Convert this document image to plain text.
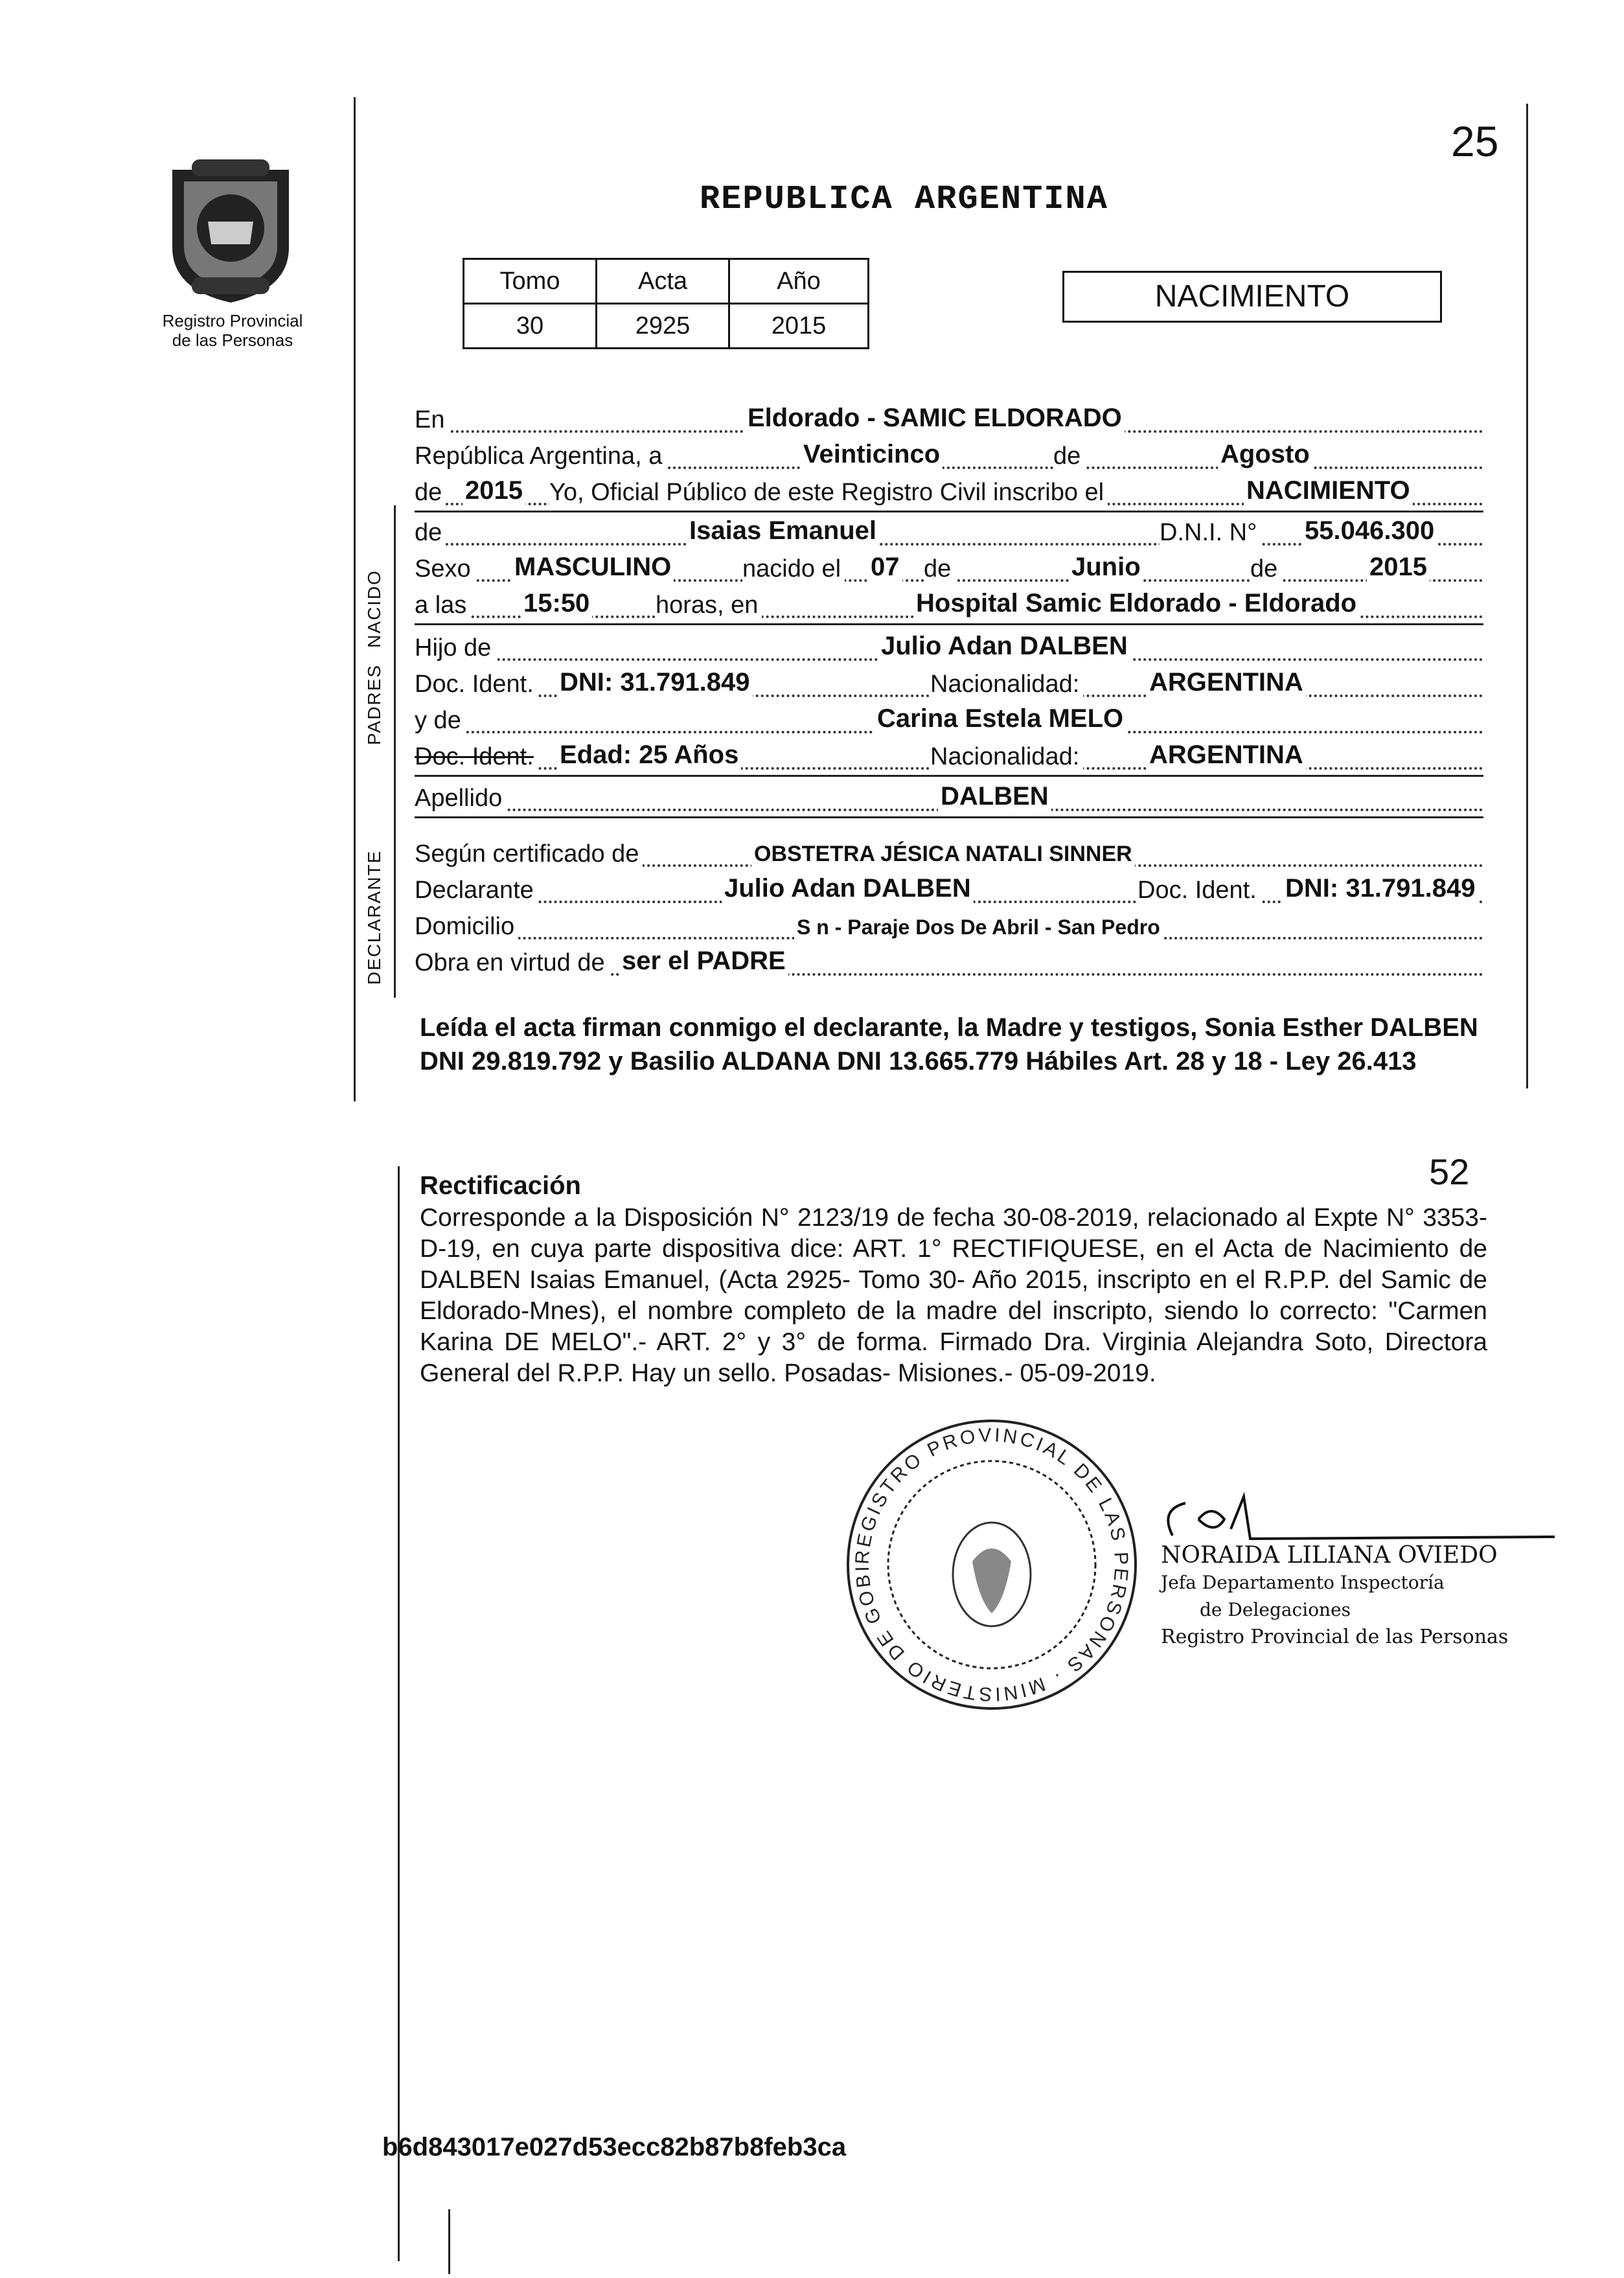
25
REPUBLICA ARGENTINA
Registro Provincial
de las Personas
Tomo	Acta	Año
30	2925	2015
NACIMIENTO
NACIDO
PADRES
DECLARANTE
En	Eldorado - SAMIC ELDORADO
República Argentina, a	Veinticinco	de	Agosto
de 2015 Yo, Oficial Público de este Registro Civil inscribo el	NACIMIENTO
de	Isaias Emanuel	D.N.I. N° 55.046.300
Sexo MASCULINO	nacido el 07 de	Junio	de	2015
a las 15:50	horas, en	Hospital Samic Eldorado - Eldorado
Hijo de	Julio Adan DALBEN
Doc. Ident. DNI: 31.791.849	Nacionalidad:	ARGENTINA
y de	Carina Estela MELO
Doc. Ident. Edad: 25 Años	Nacionalidad:	ARGENTINA
Apellido	DALBEN
Según certificado de	OBSTETRA JÉSICA NATALI SINNER
Declarante	Julio Adan DALBEN	Doc. Ident. DNI: 31.791.849
Domicilio	S n - Paraje Dos De Abril - San Pedro
Obra en virtud de ser el PADRE
Leída el acta firman conmigo el declarante, la Madre y testigos, Sonia Esther DALBEN DNI 29.819.792 y Basilio ALDANA DNI 13.665.779 Hábiles Art. 28 y 18 - Ley 26.413
Rectificación	52
Corresponde a la Disposición N° 2123/19 de fecha 30-08-2019, relacionado al Expte N° 3353-D-19, en cuya parte dispositiva dice: ART. 1° RECTIFIQUESE, en el Acta de Nacimiento de DALBEN Isaias Emanuel, (Acta 2925- Tomo 30- Año 2015, inscripto en el R.P.P. del Samic de Eldorado-Mnes), el nombre completo de la madre del inscripto, siendo lo correcto: "Carmen Karina DE MELO".- ART. 2° y 3° de forma. Firmado Dra. Virginia Alejandra Soto, Directora General del R.P.P. Hay un sello. Posadas- Misiones.- 05-09-2019.
REGISTRO PROVINCIAL DE LAS PERSONAS · MINISTERIO DE GOBI	NORAIDA LILIANA OVIEDO
Jefa Departamento Inspectoría
de Delegaciones
Registro Provincial de las Personas
b6d843017e027d53ecc82b87b8feb3ca
